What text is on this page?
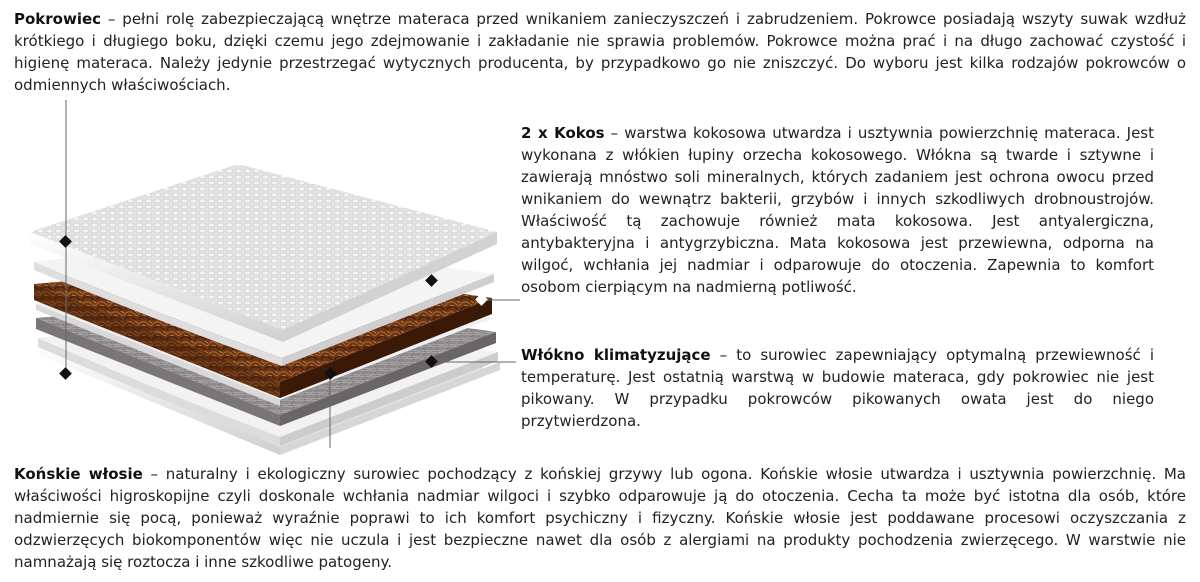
Pokrowiec – pełni rolę zabezpieczającą wnętrze materaca przed wnikaniem zanieczyszczeń i zabrudzeniem. Pokrowce posiadają wszyty suwak wzdłuż krótkiego i długiego boku, dzięki czemu jego zdejmowanie i zakładanie nie sprawia problemów. Pokrowce można prać i na długo zachować czystość i higienę materaca. Należy jedynie przestrzegać wytycznych producenta, by przypadkowo go nie zniszczyć. Do wyboru jest kilka rodzajów pokrowców o odmiennych właściwościach.

2 x Kokos – warstwa kokosowa utwardza i usztywnia powierzchnię materaca. Jest wykonana z włókien łupiny orzecha kokosowego. Włókna są twarde i sztywne i zawierają mnóstwo soli mineralnych, których zadaniem jest ochrona owocu przed wnikaniem do wewnątrz bakterii, grzybów i innych szkodliwych drobnoustrojów. Właściwość tą zachowuje również mata kokosowa. Jest antyalergiczna, antybakteryjna i antygrzybiczna. Mata kokosowa jest przewiewna, odporna na wilgoć, wchłania jej nadmiar i odparowuje do otoczenia. Zapewnia to komfort osobom cierpiącym na nadmierną potliwość.

Włókno klimatyzujące – to surowiec zapewniający optymalną przewiewność i temperaturę. Jest ostatnią warstwą w budowie materaca, gdy pokrowiec nie jest pikowany. W przypadku pokrowców pikowanych owata jest do niego przytwierdzona.

Końskie włosie – naturalny i ekologiczny surowiec pochodzący z końskiej grzywy lub ogona. Końskie włosie utwardza i usztywnia powierzchnię. Ma właściwości higroskopijne czyli doskonale wchłania nadmiar wilgoci i szybko odparowuje ją do otoczenia. Cecha ta może być istotna dla osób, które nadmiernie się pocą, ponieważ wyraźnie poprawi to ich komfort psychiczny i fizyczny. Końskie włosie jest poddawane procesowi oczyszczania z odzwierzęcych biokomponentów więc nie uczula i jest bezpieczne nawet dla osób z alergiami na produkty pochodzenia zwierzęcego. W warstwie nie namnażają się roztocza i inne szkodliwe patogeny.
